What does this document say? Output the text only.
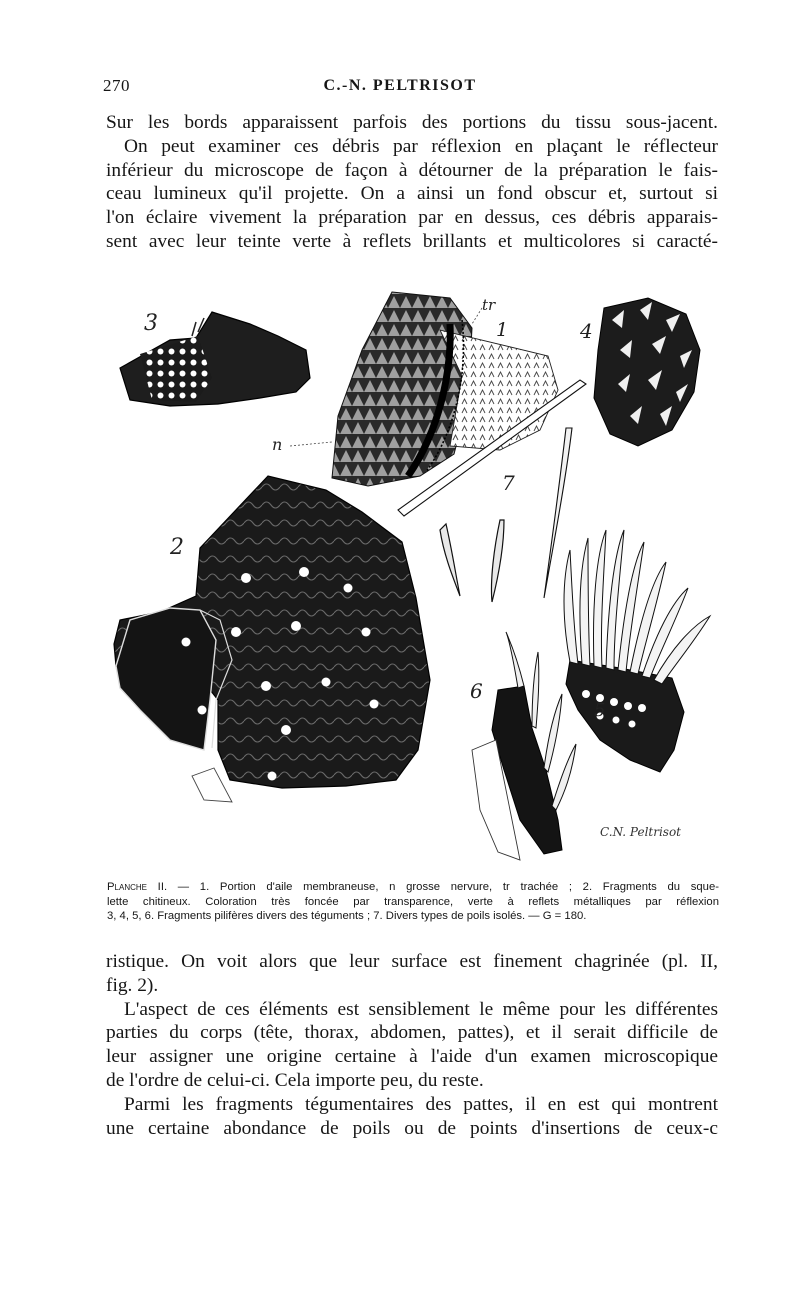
270	C.-N. PELTRISOT

Sur les bords apparaissent parfois des portions du tissu sous-jacent.
On peut examiner ces débris par réflexion en plaçant le réflecteur
inférieur du microscope de façon à détourner de la préparation le fais-
ceau lumineux qu'il projette. On a ainsi un fond obscur et, surtout si
l'on éclaire vivement la préparation par en dessus, ces débris apparais-
sent avec leur teinte verte à reflets brillants et multicolores si caracté-

3	1	4
2
7
6
5
n
tr
C.N. Peltrisot
Planche II. — 1. Portion d'aile membraneuse, n grosse nervure, tr trachée ; 2. Fragments du sque-
lette chitineux. Coloration très foncée par transparence, verte à reflets métalliques par réflexion
3, 4, 5, 6. Fragments pilifères divers des téguments ; 7. Divers types de poils isolés. — G = 180.

ristique. On voit alors que leur surface est finement chagrinée (pl. II,
fig. 2).

L'aspect de ces éléments est sensiblement le même pour les différentes
parties du corps (tête, thorax, abdomen, pattes), et il serait difficile de
leur assigner une origine certaine à l'aide d'un examen microscopique
de l'ordre de celui-ci. Cela importe peu, du reste.

Parmi les fragments tégumentaires des pattes, il en est qui montrent
une certaine abondance de poils ou de points d'insertions de ceux-c
